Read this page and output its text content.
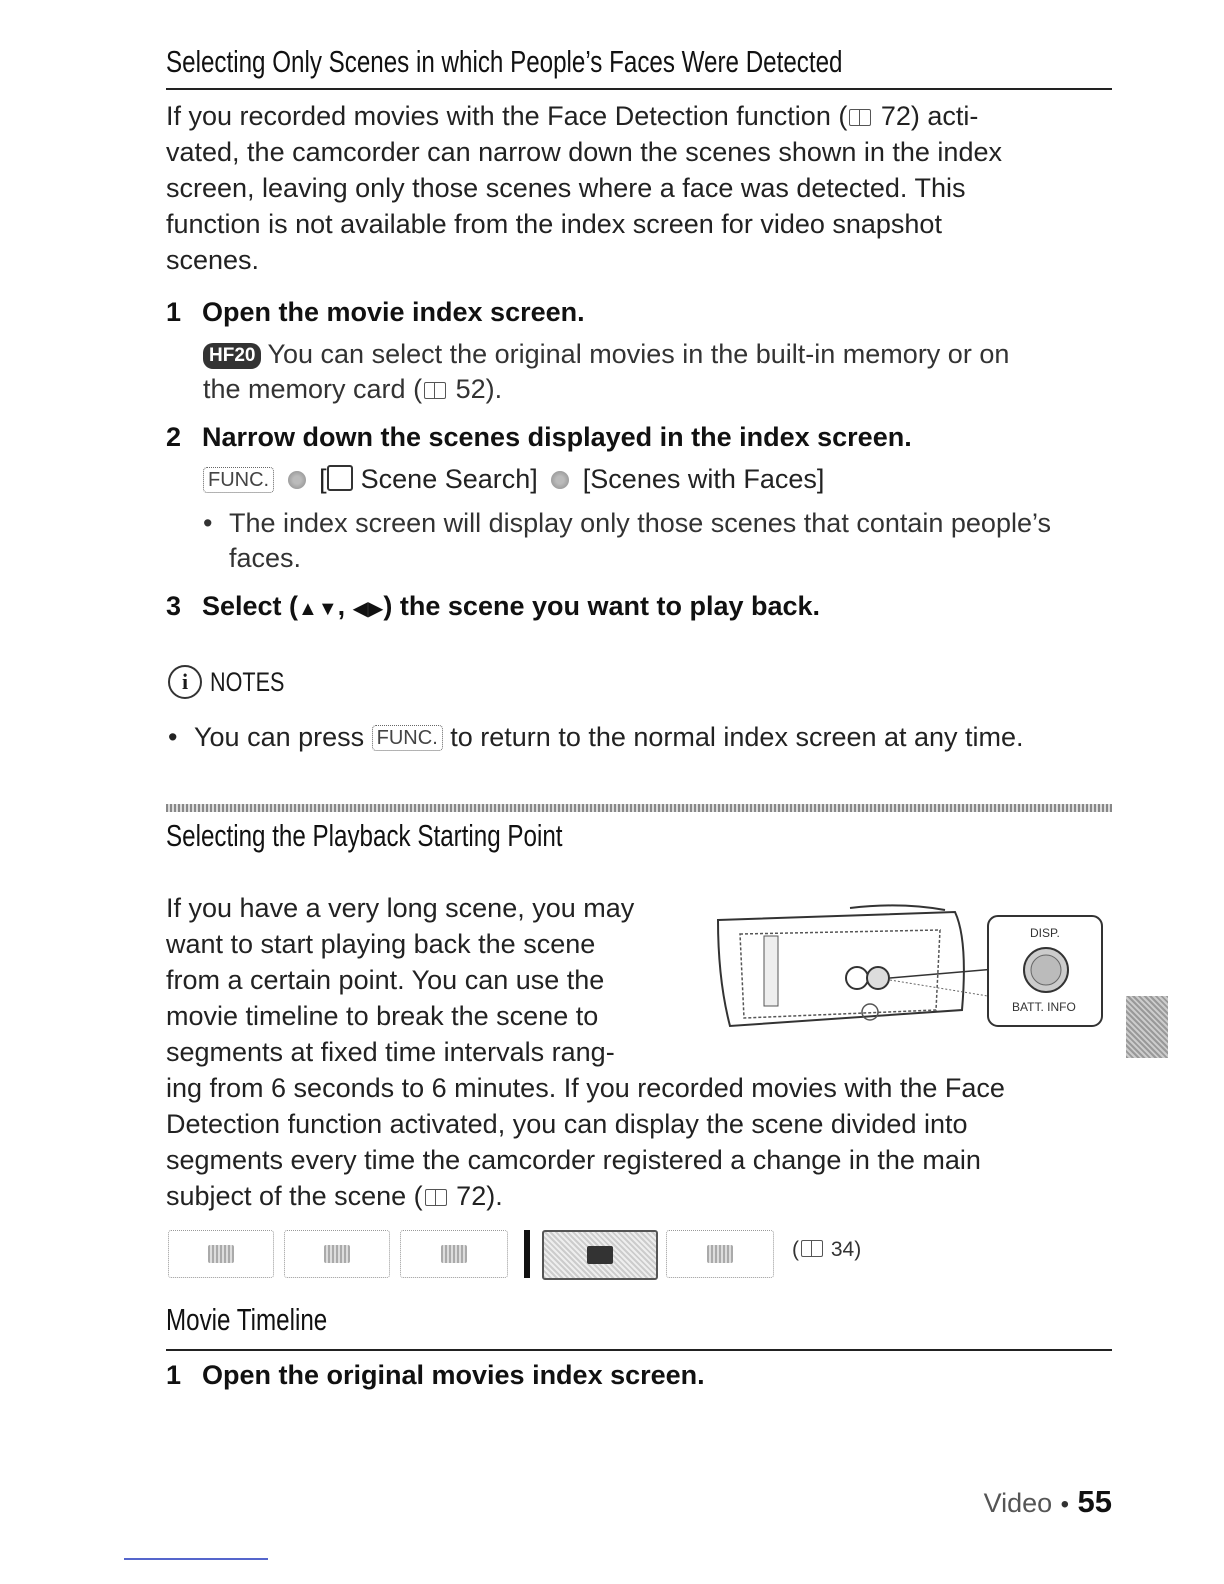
Selecting Only Scenes in which People’s Faces Were Detected
If you recorded movies with the Face Detection function ( 72) acti-
vated, the camcorder can narrow down the scenes shown in the index
screen, leaving only those scenes where a face was detected. This
function is not available from the index screen for video snapshot
scenes.
1 Open the movie index screen.
HF20 You can select the original movies in the built-in memory or on
the memory card ( 52).
2 Narrow down the scenes displayed in the index screen.
FUNC. [ Scene Search] [Scenes with Faces]
• The index screen will display only those scenes that contain people’s
faces.
3 Select (▲▼, ◀▶) the scene you want to play back.
i NOTES
• You can press FUNC. to return to the normal index screen at any time.
Selecting the Playback Starting Point
If you have a very long scene, you may
want to start playing back the scene
from a certain point. You can use the
movie timeline to break the scene to
segments at fixed time intervals rang-
ing from 6 seconds to 6 minutes. If you recorded movies with the Face
Detection function activated, you can display the scene divided into
segments every time the camcorder registered a change in the main
subject of the scene ( 72).
DISP.
BATT. INFO
( 34)
Movie Timeline
1 Open the original movies index screen.
Video • 55
